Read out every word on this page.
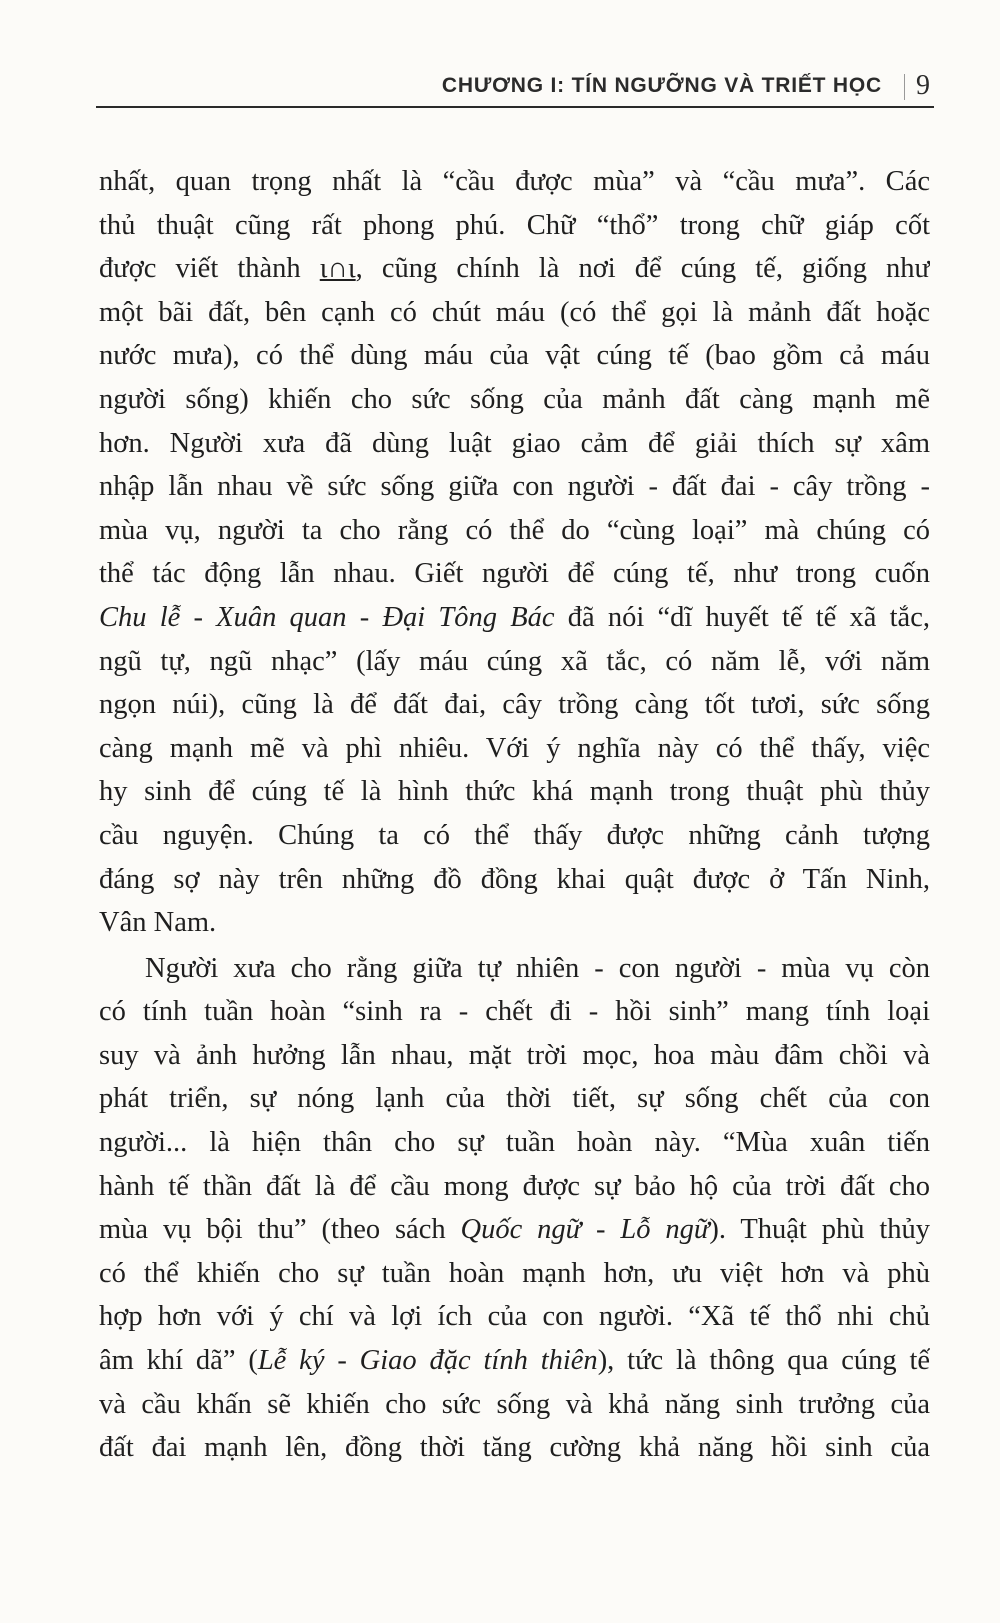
CHƯƠNG I: TÍN NGƯỠNG VÀ TRIẾT HỌC 9
nhất, quan trọng nhất là “cầu được mùa” và “cầu mưa”. Các
thủ thuật cũng rất phong phú. Chữ “thổ” trong chữ giáp cốt
được viết thành ι∩ι, cũng chính là nơi để cúng tế, giống như
một bãi đất, bên cạnh có chút máu (có thể gọi là mảnh đất hoặc
nước mưa), có thể dùng máu của vật cúng tế (bao gồm cả máu
người sống) khiến cho sức sống của mảnh đất càng mạnh mẽ
hơn. Người xưa đã dùng luật giao cảm để giải thích sự xâm
nhập lẫn nhau về sức sống giữa con người - đất đai - cây trồng -
mùa vụ, người ta cho rằng có thể do “cùng loại” mà chúng có
thể tác động lẫn nhau. Giết người để cúng tế, như trong cuốn
Chu lễ - Xuân quan - Đại Tông Bác đã nói “dĩ huyết tế tế xã tắc,
ngũ tự, ngũ nhạc” (lấy máu cúng xã tắc, có năm lễ, với năm
ngọn núi), cũng là để đất đai, cây trồng càng tốt tươi, sức sống
càng mạnh mẽ và phì nhiêu. Với ý nghĩa này có thể thấy, việc
hy sinh để cúng tế là hình thức khá mạnh trong thuật phù thủy
cầu nguyện. Chúng ta có thể thấy được những cảnh tượng
đáng sợ này trên những đồ đồng khai quật được ở Tấn Ninh,
Vân Nam.
Người xưa cho rằng giữa tự nhiên - con người - mùa vụ còn
có tính tuần hoàn “sinh ra - chết đi - hồi sinh” mang tính loại
suy và ảnh hưởng lẫn nhau, mặt trời mọc, hoa màu đâm chồi và
phát triển, sự nóng lạnh của thời tiết, sự sống chết của con
người... là hiện thân cho sự tuần hoàn này. “Mùa xuân tiến
hành tế thần đất là để cầu mong được sự bảo hộ của trời đất cho
mùa vụ bội thu” (theo sách Quốc ngữ - Lỗ ngữ). Thuật phù thủy
có thể khiến cho sự tuần hoàn mạnh hơn, ưu việt hơn và phù
hợp hơn với ý chí và lợi ích của con người. “Xã tế thổ nhi chủ
âm khí dã” (Lễ ký - Giao đặc tính thiên), tức là thông qua cúng tế
và cầu khấn sẽ khiến cho sức sống và khả năng sinh trưởng của
đất đai mạnh lên, đồng thời tăng cường khả năng hồi sinh của
